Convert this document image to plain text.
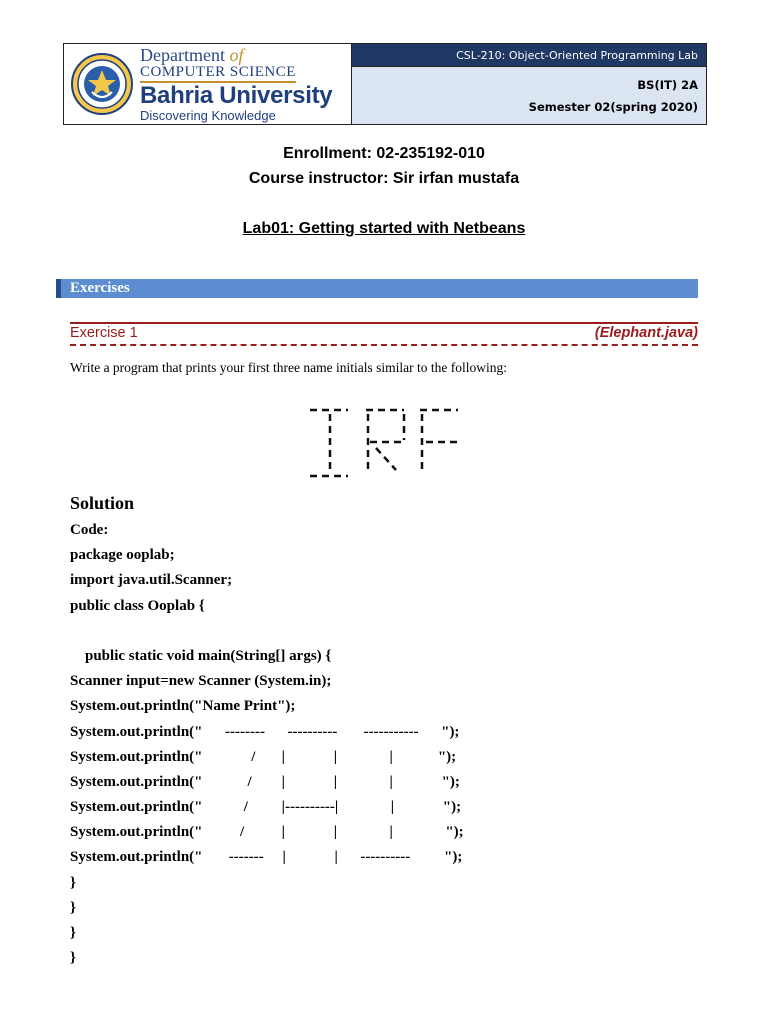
Department of
COMPUTER SCIENCE
Bahria University
Discovering Knowledge
CSL-210: Object-Oriented Programming Lab
BS(IT) 2A
Semester 02(spring 2020)
Enrollment: 02-235192-010
Course instructor: Sir irfan mustafa
Lab01: Getting started with Netbeans
Exercises
Exercise 1	(Elephant.java)
Write a program that prints your first three name initials similar to the following:
Solution
Code:
package ooplab;
import java.util.Scanner;
public class Ooplab {
public static void main(String[] args) {
Scanner input=new Scanner (System.in);
System.out.println("Name Print");
System.out.println("      --------      ----------       -----------      ");
System.out.println("             /       |             |              |            ");
System.out.println("            /        |             |              |             ");
System.out.println("           /         |----------|              |             ");
System.out.println("          /          |             |              |              ");
System.out.println("       -------     |             |      ----------         ");
}
}
}
}
